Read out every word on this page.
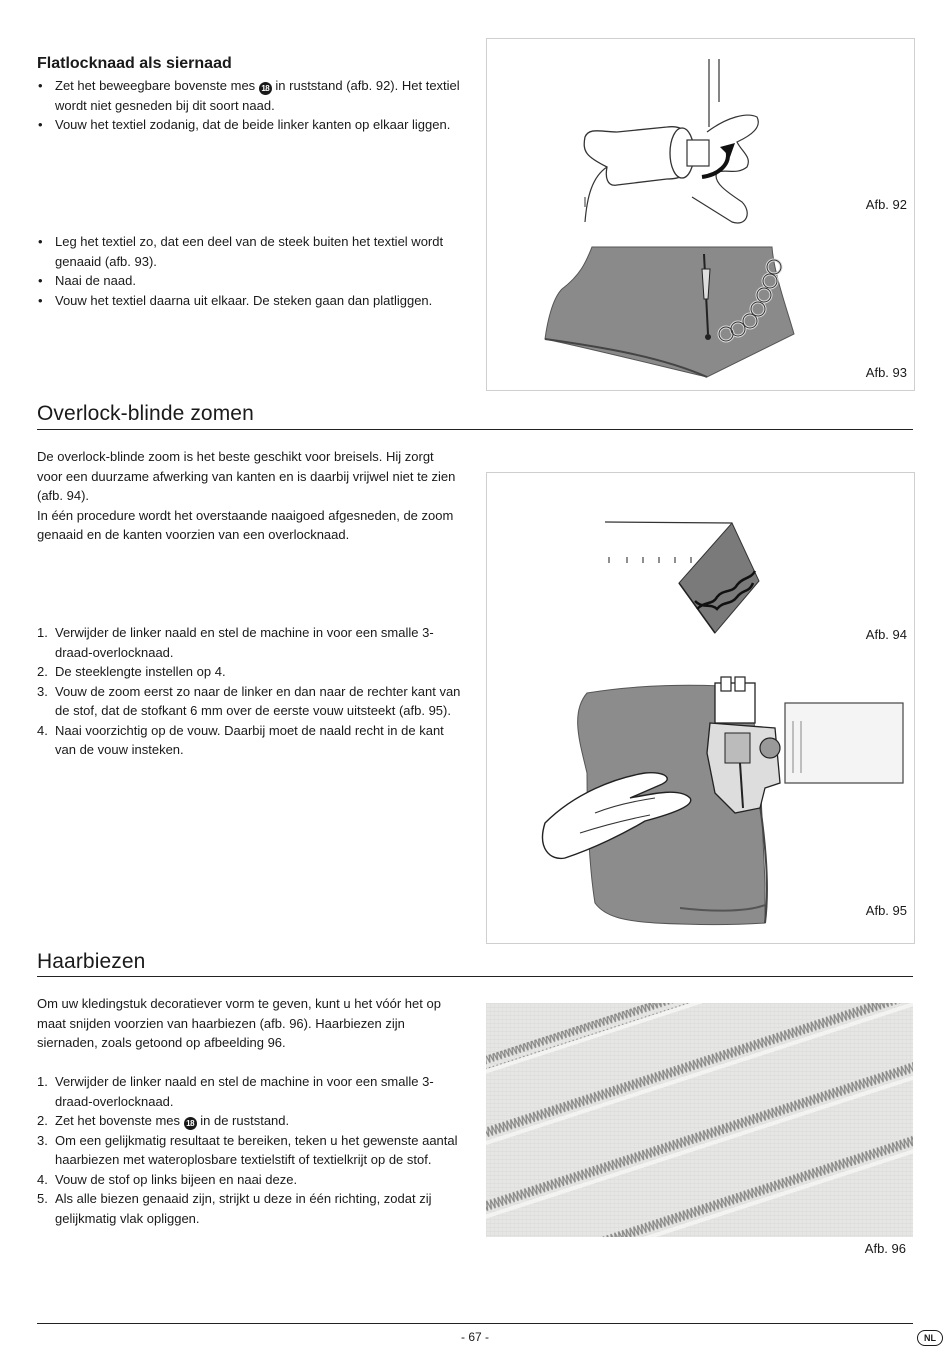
Flatlocknaad als siernaad
• Zet het beweegbare bovenste mes 18 in ruststand (afb. 92). Het textiel wordt niet gesneden bij dit soort naad.
• Vouw het textiel zodanig, dat de beide linker kanten op elkaar liggen.
• Leg het textiel zo, dat een deel van de steek buiten het textiel wordt genaaid (afb. 93).
• Naai de naad.
• Vouw het textiel daarna uit elkaar. De steken gaan dan platliggen.
Afb. 92
Afb. 93
Overlock-blinde zomen

De overlock-blinde zoom is het beste geschikt voor breisels. Hij zorgt voor een duurzame afwerking van kanten en is daarbij vrijwel niet te zien (afb. 94).

In één procedure wordt het overstaande naaigoed afgesneden, de zoom genaaid en de kanten voorzien van een overlocknaad.

1. Verwijder de linker naald en stel de machine in voor een smalle 3-draad-overlocknaad.
2. De steeklengte instellen op 4.
3. Vouw de zoom eerst zo naar de linker en dan naar de rechter kant van de stof, dat de stofkant 6 mm over de eerste vouw uitsteekt (afb. 95).
4. Naai voorzichtig op de vouw. Daarbij moet de naald recht in de kant van de vouw insteken.
Afb. 94
Afb. 95
Haarbiezen

Om uw kledingstuk decoratiever vorm te geven, kunt u het vóór het op maat snijden voorzien van haarbiezen (afb. 96). Haarbiezen zijn siernaden, zoals getoond op afbeelding 96.

1. Verwijder de linker naald en stel de machine in voor een smalle 3- draad-overlocknaad.
2. Zet het bovenste mes 18 in de ruststand.
3. Om een gelijkmatig resultaat te bereiken, teken u het gewenste aantal haarbiezen met wateroplosbare textielstift of textielkrijt op de stof.
4. Vouw de stof op links bijeen en naai deze.
5. Als alle biezen genaaid zijn, strijkt u deze in één richting, zodat zij gelijkmatig vlak opliggen.
Afb. 96
- 67 -	NL
